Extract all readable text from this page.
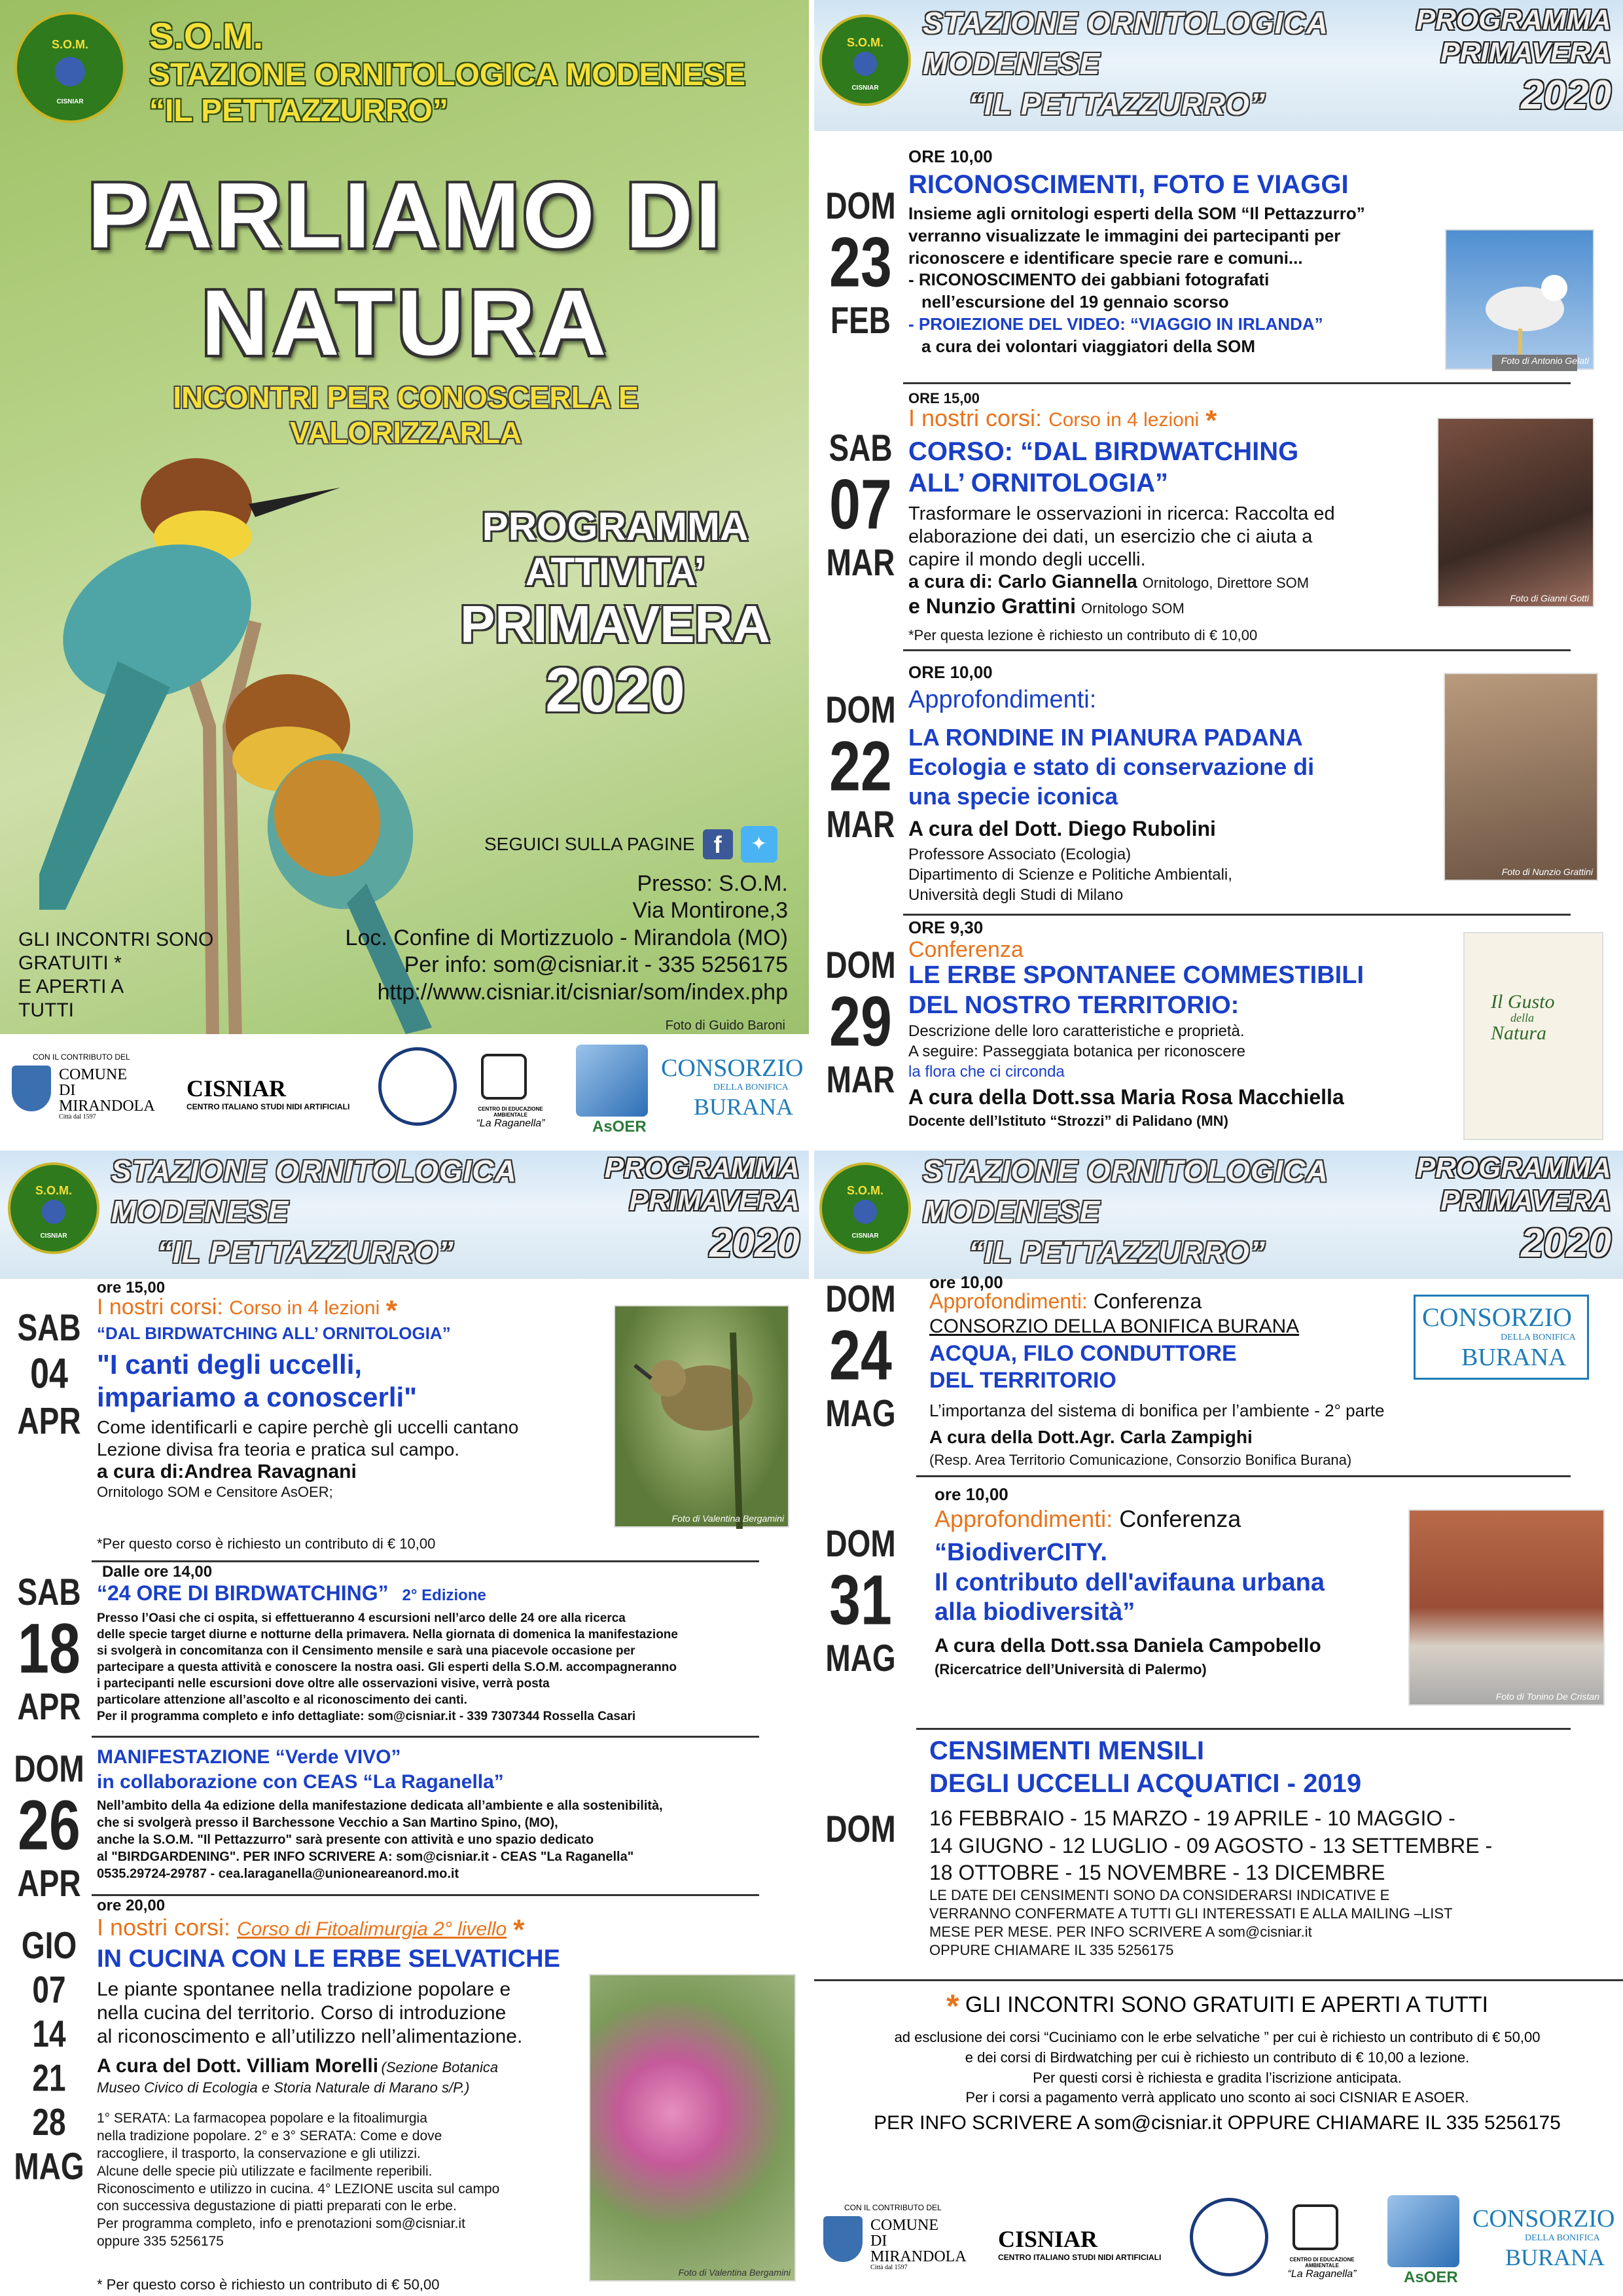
S.O.M.
CISNIAR
S.O.M.
STAZIONE ORNITOLOGICA MODENESE
“IL PETTAZZURRO”
PARLIAMO DI
NATURA
INCONTRI PER CONOSCERLA E
VALORIZZARLA
PROGRAMMA
ATTIVITA’
PRIMAVERA
2020
SEGUICI SULLA PAGINE f	✦
Presso: S.O.M.
Via Montirone,3
Loc. Confine di Mortizzuolo - Mirandola (MO)
Per info: som@cisniar.it - 335 5256175
http://www.cisniar.it/cisniar/som/index.php
Foto di Guido Baroni
GLI INCONTRI SONO
GRATUITI *
E APERTI A
TUTTI
CON IL CONTRIBUTO DEL
COMUNE
DI
MIRANDOLA
Città dal 1597
CISNIAR
CENTRO ITALIANO STUDI NIDI ARTIFICIALI	CENTRO DI EDUCAZIONE AMBIENTALE
“La Raganella”	AsOER
CONSORZIO
DELLA BONIFICA
BURANA
S.O.M.
CISNIAR
STAZIONE ORNITOLOGICA
MODENESE
“IL PETTAZZURRO”
PROGRAMMA
PRIMAVERA
2020
DOM
23
FEB
ORE 10,00
RICONOSCIMENTI, FOTO E VIAGGI
Insieme agli ornitologi esperti della SOM “Il Pettazzurro”
verranno visualizzate le immagini dei partecipanti per
riconoscere e identificare specie rare e comuni...
- RICONOSCIMENTO dei gabbiani fotografati
nell’escursione del 19 gennaio scorso
- PROIEZIONE DEL VIDEO: “VIAGGIO IN IRLANDA”
a cura dei volontari viaggiatori della SOM
Foto di Antonio Gelati
SAB
07
MAR
ORE 15,00
I nostri corsi: Corso in 4 lezioni *
CORSO: “DAL BIRDWATCHING
ALL’ ORNITOLOGIA”
Trasformare le osservazioni in ricerca: Raccolta ed
elaborazione dei dati, un esercizio che ci aiuta a
capire il mondo degli uccelli.
a cura di: Carlo Giannella Ornitologo, Direttore SOM
e Nunzio Grattini Ornitologo SOM
*Per questa lezione è richiesto un contributo di € 10,00
Foto di Gianni Gotti
DOM
22
MAR
ORE 10,00
Approfondimenti:
LA RONDINE IN PIANURA PADANA
Ecologia e stato di conservazione di
una specie iconica
A cura del Dott. Diego Rubolini
Professore Associato (Ecologia)
Dipartimento di Scienze e Politiche Ambientali,
Università degli Studi di Milano
Foto di Nunzio Grattini
DOM
29
MAR
ORE 9,30
Conferenza
LE ERBE SPONTANEE COMMESTIBILI
DEL NOSTRO TERRITORIO:
Descrizione delle loro caratteristiche e proprietà.
A seguire: Passeggiata botanica per riconoscere
la flora che ci circonda
A cura della Dott.ssa Maria Rosa Macchiella
Docente dell’Istituto “Strozzi” di Palidano (MN)
Il Gusto
della
Natura
S.O.M.
CISNIAR
STAZIONE ORNITOLOGICA
MODENESE
“IL PETTAZZURRO”
PROGRAMMA
PRIMAVERA
2020
SAB
04
APR
ore 15,00
I nostri corsi: Corso in 4 lezioni *
“DAL BIRDWATCHING ALL’ ORNITOLOGIA”
"I canti degli uccelli,
impariamo a conoscerli"
Come identificarli e capire perchè gli uccelli cantano
Lezione divisa fra teoria e pratica sul campo.
a cura di:Andrea Ravagnani
Ornitologo SOM e Censitore AsOER;
*Per questo corso è richiesto un contributo di € 10,00
Foto di Valentina Bergamini
SAB
18
APR
Dalle ore 14,00
“24 ORE DI BIRDWATCHING” 2° Edizione
Presso l’Oasi che ci ospita, si effettueranno 4 escursioni nell’arco delle 24 ore alla ricerca
delle specie target diurne e notturne della primavera. Nella giornata di domenica la manifestazione
si svolgerà in concomitanza con il Censimento mensile e sarà una piacevole occasione per
partecipare a questa attività e conoscere la nostra oasi. Gli esperti della S.O.M. accompagneranno
i partecipanti nelle escursioni dove oltre alle osservazioni visive, verrà posta
particolare attenzione all’ascolto e al riconoscimento dei canti.
Per il programma completo e info dettagliate: som@cisniar.it - 339 7307344 Rossella Casari
DOM
26
APR
MANIFESTAZIONE “Verde VIVO”
in collaborazione con CEAS “La Raganella”
Nell’ambito della 4a edizione della manifestazione dedicata all’ambiente e alla sostenibilità,
che si svolgerà presso il Barchessone Vecchio a San Martino Spino, (MO),
anche la S.O.M. "Il Pettazzurro" sarà presente con attività e uno spazio dedicato
al "BIRDGARDENING". PER INFO SCRIVERE A: som@cisniar.it - CEAS "La Raganella"
0535.29724-29787 - cea.laraganella@unioneareanord.mo.it
GIO
07
14
21
28
MAG
ore 20,00
I nostri corsi: Corso di Fitoalimurgia 2° livello *
IN CUCINA CON LE ERBE SELVATICHE
Le piante spontanee nella tradizione popolare e
nella cucina del territorio. Corso di introduzione
al riconoscimento e all’utilizzo nell’alimentazione.
A cura del Dott. Villiam Morelli (Sezione Botanica
Museo Civico di Ecologia e Storia Naturale di Marano s/P.)
1° SERATA: La farmacopea popolare e la fitoalimurgia
nella tradizione popolare. 2° e 3° SERATA: Come e dove
raccogliere, il trasporto, la conservazione e gli utilizzi.
Alcune delle specie più utilizzate e facilmente reperibili.
Riconoscimento e utilizzo in cucina. 4° LEZIONE uscita sul campo
con successiva degustazione di piatti preparati con le erbe.
Per programma completo, info e prenotazioni som@cisniar.it
oppure 335 5256175
* Per questo corso è richiesto un contributo di € 50,00
Foto di Valentina Bergamini
S.O.M.
CISNIAR
STAZIONE ORNITOLOGICA
MODENESE
“IL PETTAZZURRO”
PROGRAMMA
PRIMAVERA
2020
DOM
24
MAG
ore 10,00
Approfondimenti: Conferenza
CONSORZIO DELLA BONIFICA BURANA
ACQUA, FILO CONDUTTORE
DEL TERRITORIO
L’importanza del sistema di bonifica per l’ambiente - 2° parte
A cura della Dott.Agr. Carla Zampighi
(Resp. Area Territorio Comunicazione, Consorzio Bonifica Burana)
CONSORZIO
DELLA BONIFICA
BURANA
DOM
31
MAG
ore 10,00
Approfondimenti: Conferenza
“BiodiverCITY.
Il contributo dell'avifauna urbana
alla biodiversità”
A cura della Dott.ssa Daniela Campobello
(Ricercatrice dell’Università di Palermo)
Foto di Tonino De Cristan
DOM
CENSIMENTI MENSILI
DEGLI UCCELLI ACQUATICI - 2019
16 FEBBRAIO - 15 MARZO - 19 APRILE - 10 MAGGIO -
14 GIUGNO - 12 LUGLIO - 09 AGOSTO - 13 SETTEMBRE -
18 OTTOBRE - 15 NOVEMBRE - 13 DICEMBRE
LE DATE DEI CENSIMENTI SONO DA CONSIDERARSI INDICATIVE E
VERRANNO CONFERMATE A TUTTI GLI INTERESSATI E ALLA MAILING –LIST
MESE PER MESE. PER INFO SCRIVERE A som@cisniar.it
OPPURE CHIAMARE IL 335 5256175
* GLI INCONTRI SONO GRATUITI E APERTI A TUTTI
ad esclusione dei corsi “Cuciniamo con le erbe selvatiche ” per cui è richiesto un contributo di € 50,00
e dei corsi di Birdwatching per cui è richiesto un contributo di € 10,00 a lezione.
Per questi corsi è richiesta e gradita l’iscrizione anticipata.
Per i corsi a pagamento verrà applicato uno sconto ai soci CISNIAR E ASOER.
PER INFO SCRIVERE A som@cisniar.it OPPURE CHIAMARE IL 335 5256175
CON IL CONTRIBUTO DEL
COMUNE
DI
MIRANDOLA
Città dal 1597
CISNIAR
CENTRO ITALIANO STUDI NIDI ARTIFICIALI	CENTRO DI EDUCAZIONE AMBIENTALE
“La Raganella”	AsOER
CONSORZIO
DELLA BONIFICA
BURANA
